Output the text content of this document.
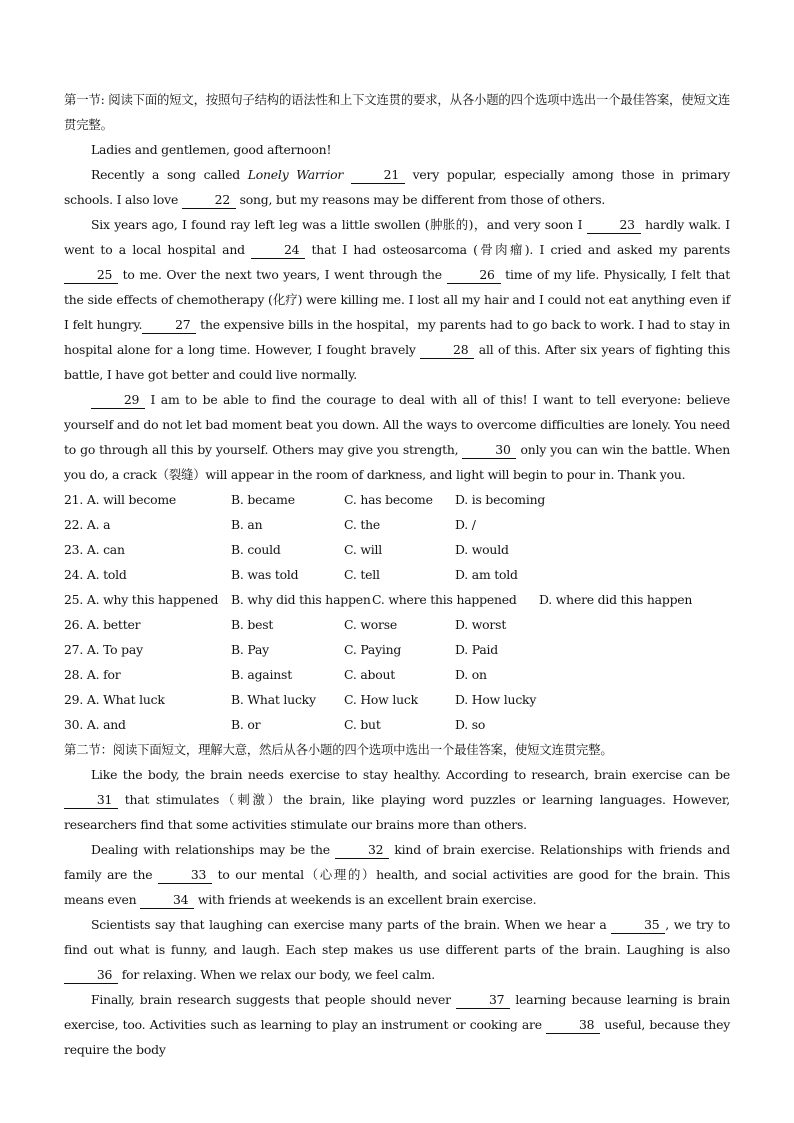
第一节: 阅读下面的短文，按照句子结构的语法性和上下文连贯的要求，从各小题的四个选项中选出一个最佳答案，使短文连贯完整。

Ladies and gentlemen, good afternoon!

Recently a song called Lonely Warrior	21 very popular, especially among those in primary schools. I also love	22 song, but my reasons may be different from those of others.

Six years ago, I found ray left leg was a little swollen (肿胀的)，and very soon I	23 hardly walk. I went to a local hospital and	24 that I had osteosarcoma (骨肉瘤). I cried and asked my parents 25 to me. Over the next two years, I went through the	26 time of my life. Physically, I felt that the side effects of chemotherapy (化疗) were killing me. I lost all my hair and I could not eat anything even if I felt hungry.	27 the expensive bills in the hospital，my parents had to go back to work. I had to stay in hospital alone for a long time. However, I fought bravely	28 all of this. After six years of fighting this battle, I have got better and could live normally.

29 I am to be able to find the courage to deal with all of this! I want to tell everyone: believe yourself and do not let bad moment beat you down. All the ways to overcome difficulties are lonely. You need to go through all this by yourself. Others may give you strength,	30 only you can win the battle. When you do, a crack（裂缝）will appear in the room of darkness, and light will begin to pour in. Thank you.

21. A. will become	B. became	C. has become D. is becoming
22. A. a	B. an	C. the	D. /
23. A. can	B. could	C. will	D. would
24. A. told	B. was told	C. tell	D. am told
25. A. why this happened B. why did this happen C. where this happened D. where did this happen
26. A. better	B. best	C. worse	D. worst
27. A. To pay	B. Pay	C. Paying	D. Paid
28. A. for	B. against	C. about	D. on
29. A. What luck	B. What lucky C. How luck	D. How lucky
30. A. and	B. or	C. but	D. so

第二节：阅读下面短文，理解大意，然后从各小题的四个选项中选出一个最佳答案，使短文连贯完整。

Like the body, the brain needs exercise to stay healthy. According to research, brain exercise can be 31 that stimulates（刺激）the brain, like playing word puzzles or learning languages. However, researchers find that some activities stimulate our brains more than others.

Dealing with relationships may be the	32 kind of brain exercise. Relationships with friends and family are the	33 to our mental（心理的）health, and social activities are good for the brain. This means even	34 with friends at weekends is an excellent brain exercise.

Scientists say that laughing can exercise many parts of the brain. When we hear a	35 , we try to find out what is funny, and laugh. Each step makes us use different parts of the brain. Laughing is also 36 for relaxing. When we relax our body, we feel calm.

Finally, brain research suggests that people should never	37 learning because learning is brain exercise, too. Activities such as learning to play an instrument or cooking are	38 useful, because they require the body
